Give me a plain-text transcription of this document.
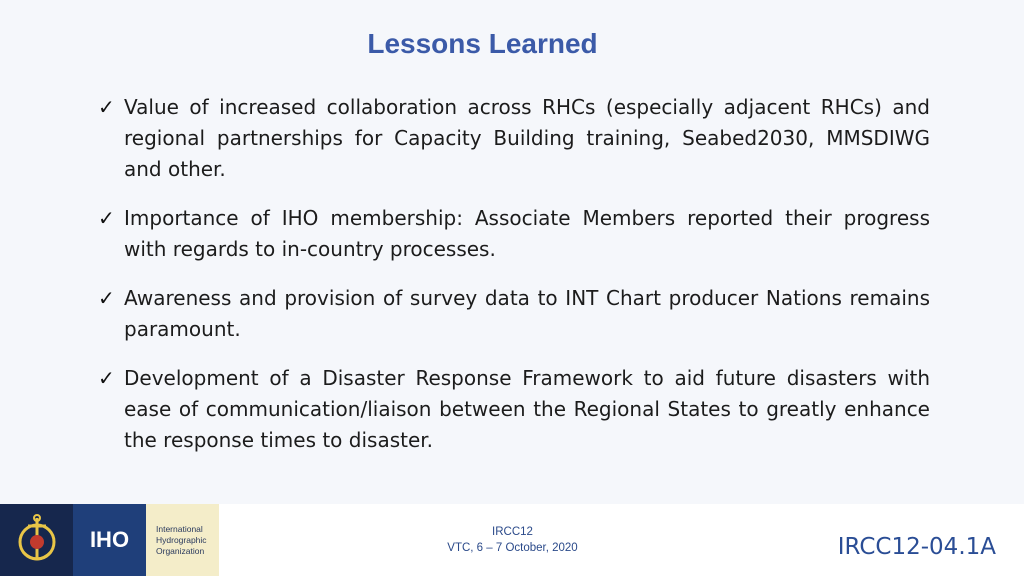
Lessons Learned
✓ Value of increased collaboration across RHCs (especially adjacent RHCs) and regional partnerships for Capacity Building training, Seabed2030, MMSDIWG and other.
✓ Importance of IHO membership: Associate Members reported their progress with regards to in-country processes.
✓ Awareness and provision of survey data to INT Chart producer Nations remains paramount.
✓ Development of a Disaster Response Framework to aid future disasters with ease of communication/liaison between the Regional States to greatly enhance the response times to disaster.
IHO	International
Hydrographic
Organization
IRCC12
VTC, 6 – 7 October, 2020	IRCC12-04.1A
